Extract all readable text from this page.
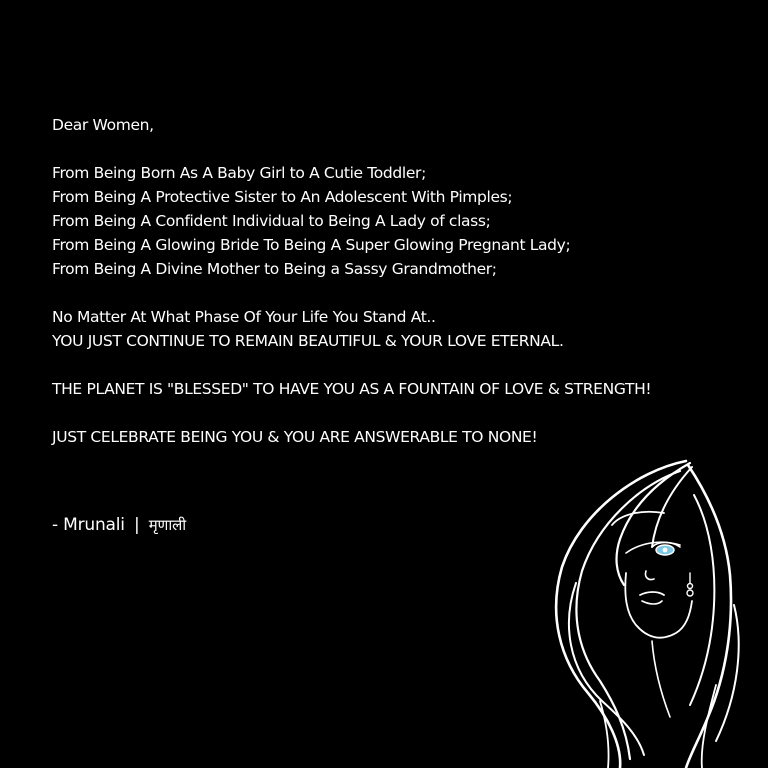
Dear Women,
From Being Born As A Baby Girl to A Cutie Toddler;
From Being A Protective Sister to An Adolescent With Pimples;
From Being A Confident Individual to Being A Lady of class;
From Being A Glowing Bride To Being A Super Glowing Pregnant Lady;
From Being A Divine Mother to Being a Sassy Grandmother;
No Matter At What Phase Of Your Life You Stand At..
YOU JUST CONTINUE TO REMAIN BEAUTIFUL & YOUR LOVE ETERNAL.
THE PLANET IS "BLESSED" TO HAVE YOU AS A FOUNTAIN OF LOVE & STRENGTH!
JUST CELEBRATE BEING YOU & YOU ARE ANSWERABLE TO NONE!
- Mrunali | मृणाली
